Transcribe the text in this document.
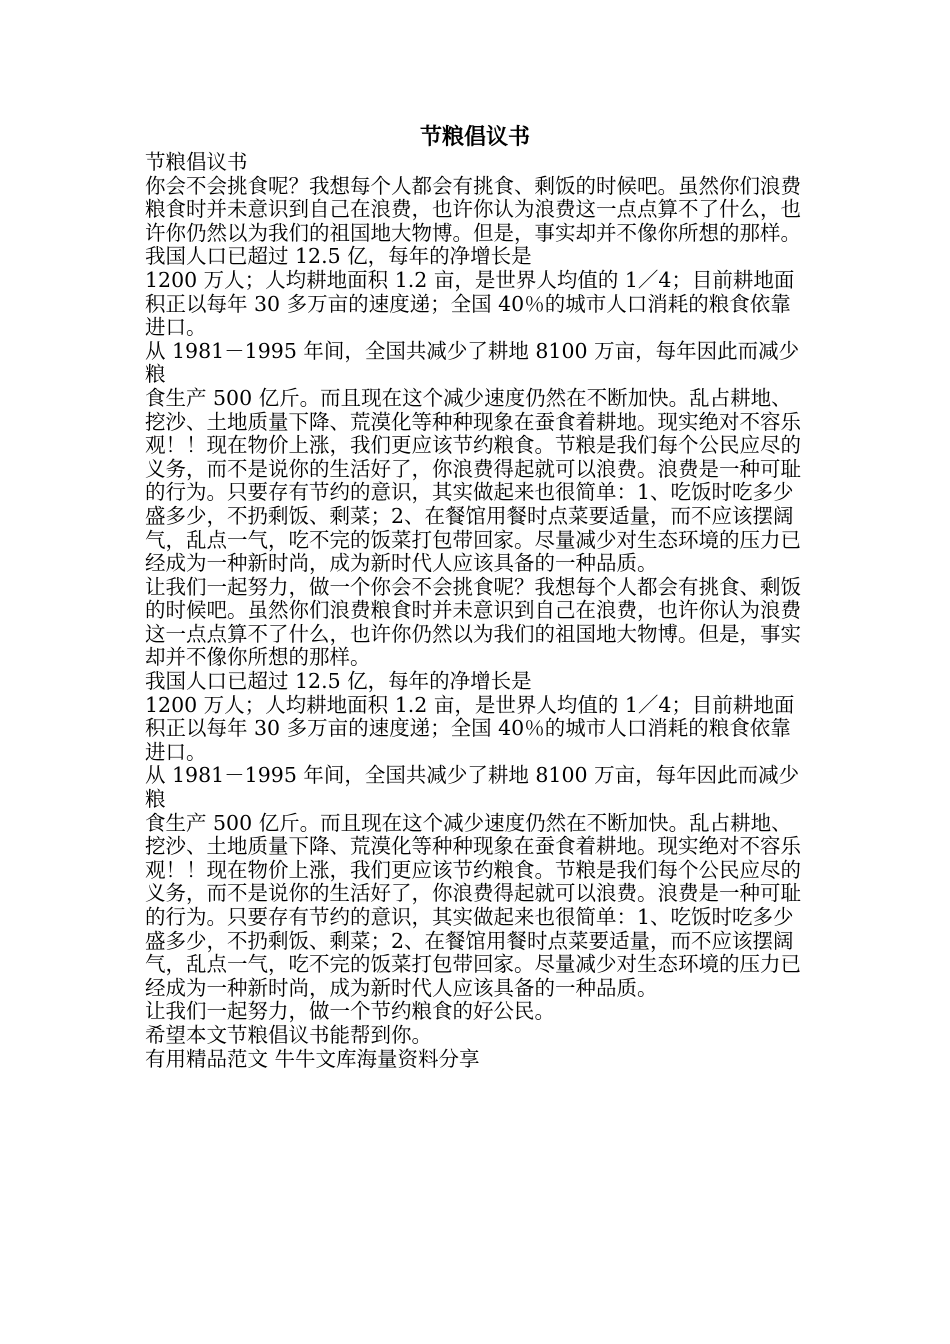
节粮倡议书

节粮倡议书

你会不会挑食呢？我想每个人都会有挑食、剩饭的时候吧。虽然你们浪费粮食时并未意识到自己在浪费，也许你认为浪费这一点点算不了什么，也许你仍然以为我们的祖国地大物博。但是，事实却并不像你所想的那样。

我国人口已超过 12.5 亿，每年的净增长是

1200 万人；人均耕地面积 1.2 亩，是世界人均值的 1／4；目前耕地面积正以每年 30 多万亩的速度递；全国 40％的城市人口消耗的粮食依靠进口。

从 1981－1995 年间，全国共减少了耕地 8100 万亩，每年因此而减少粮

食生产 500 亿斤。而且现在这个减少速度仍然在不断加快。乱占耕地、挖沙、土地质量下降、荒漠化等种种现象在蚕食着耕地。现实绝对不容乐观！！现在物价上涨，我们更应该节约粮食。节粮是我们每个公民应尽的义务，而不是说你的生活好了，你浪费得起就可以浪费。浪费是一种可耻的行为。只要存有节约的意识，其实做起来也很简单：1、吃饭时吃多少盛多少，不扔剩饭、剩菜；2、在餐馆用餐时点菜要适量，而不应该摆阔气，乱点一气，吃不完的饭菜打包带回家。尽量减少对生态环境的压力已经成为一种新时尚，成为新时代人应该具备的一种品质。

让我们一起努力，做一个你会不会挑食呢？我想每个人都会有挑食、剩饭的时候吧。虽然你们浪费粮食时并未意识到自己在浪费，也许你认为浪费这一点点算不了什么，也许你仍然以为我们的祖国地大物博。但是，事实却并不像你所想的那样。

我国人口已超过 12.5 亿，每年的净增长是

1200 万人；人均耕地面积 1.2 亩，是世界人均值的 1／4；目前耕地面积正以每年 30 多万亩的速度递；全国 40％的城市人口消耗的粮食依靠进口。

从 1981－1995 年间，全国共减少了耕地 8100 万亩，每年因此而减少粮

食生产 500 亿斤。而且现在这个减少速度仍然在不断加快。乱占耕地、挖沙、土地质量下降、荒漠化等种种现象在蚕食着耕地。现实绝对不容乐观！！现在物价上涨，我们更应该节约粮食。节粮是我们每个公民应尽的义务，而不是说你的生活好了，你浪费得起就可以浪费。浪费是一种可耻的行为。只要存有节约的意识，其实做起来也很简单：1、吃饭时吃多少盛多少，不扔剩饭、剩菜；2、在餐馆用餐时点菜要适量，而不应该摆阔气，乱点一气，吃不完的饭菜打包带回家。尽量减少对生态环境的压力已经成为一种新时尚，成为新时代人应该具备的一种品质。

让我们一起努力，做一个节约粮食的好公民。

希望本文节粮倡议书能帮到你。

有用精品范文 牛牛文库海量资料分享
